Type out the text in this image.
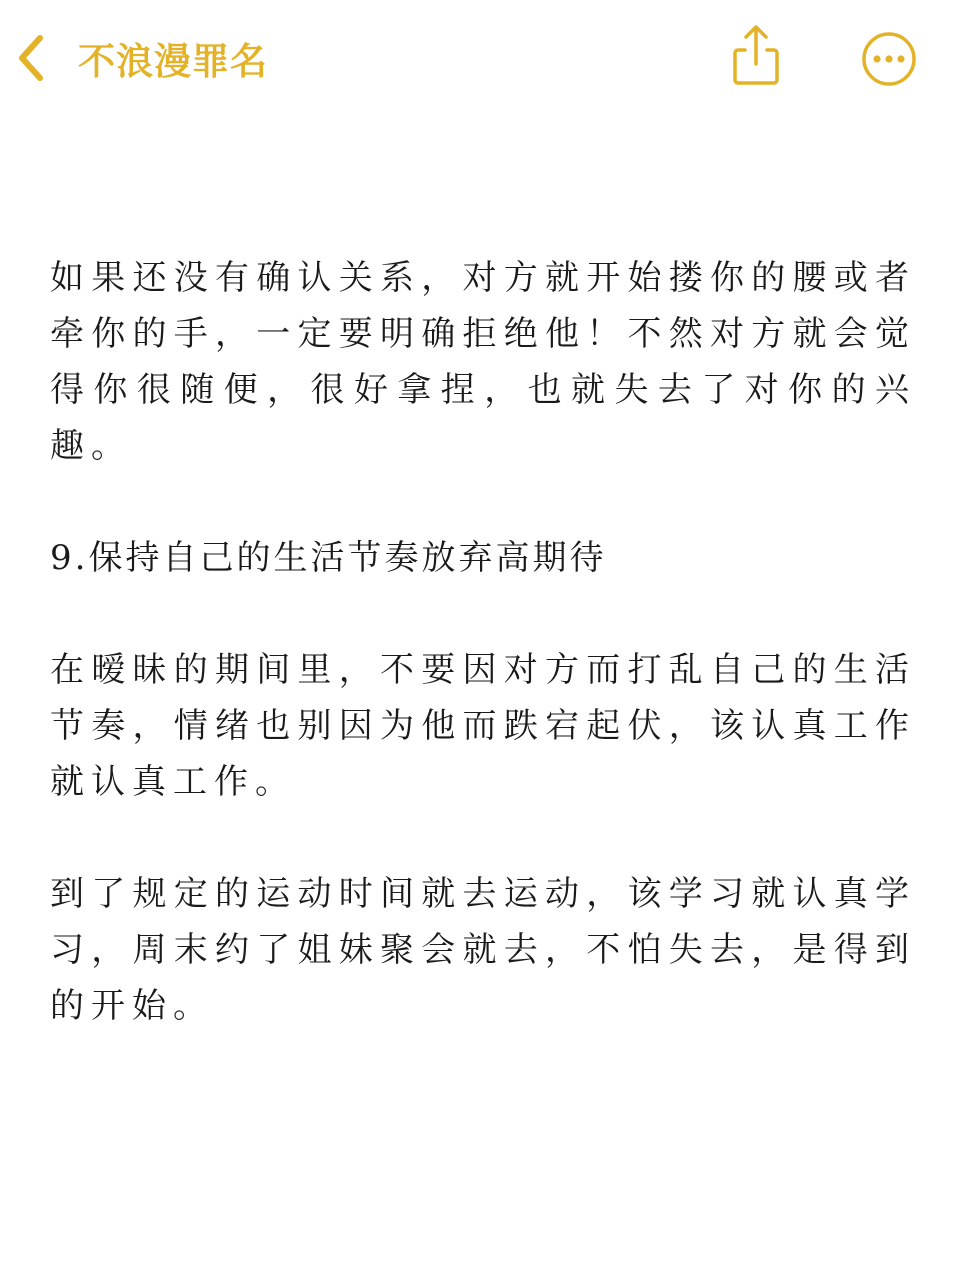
不浪漫罪名

如果还没有确认关系，对方就开始搂你的腰或者牵你的手，一定要明确拒绝他！不然对方就会觉得你很随便，很好拿捏，也就失去了对你的兴趣。

9.保持自己的生活节奏放弃高期待

在暧昧的期间里，不要因对方而打乱自己的生活节奏，情绪也别因为他而跌宕起伏，该认真工作就认真工作。

到了规定的运动时间就去运动，该学习就认真学习，周末约了姐妹聚会就去，不怕失去，是得到的开始。
